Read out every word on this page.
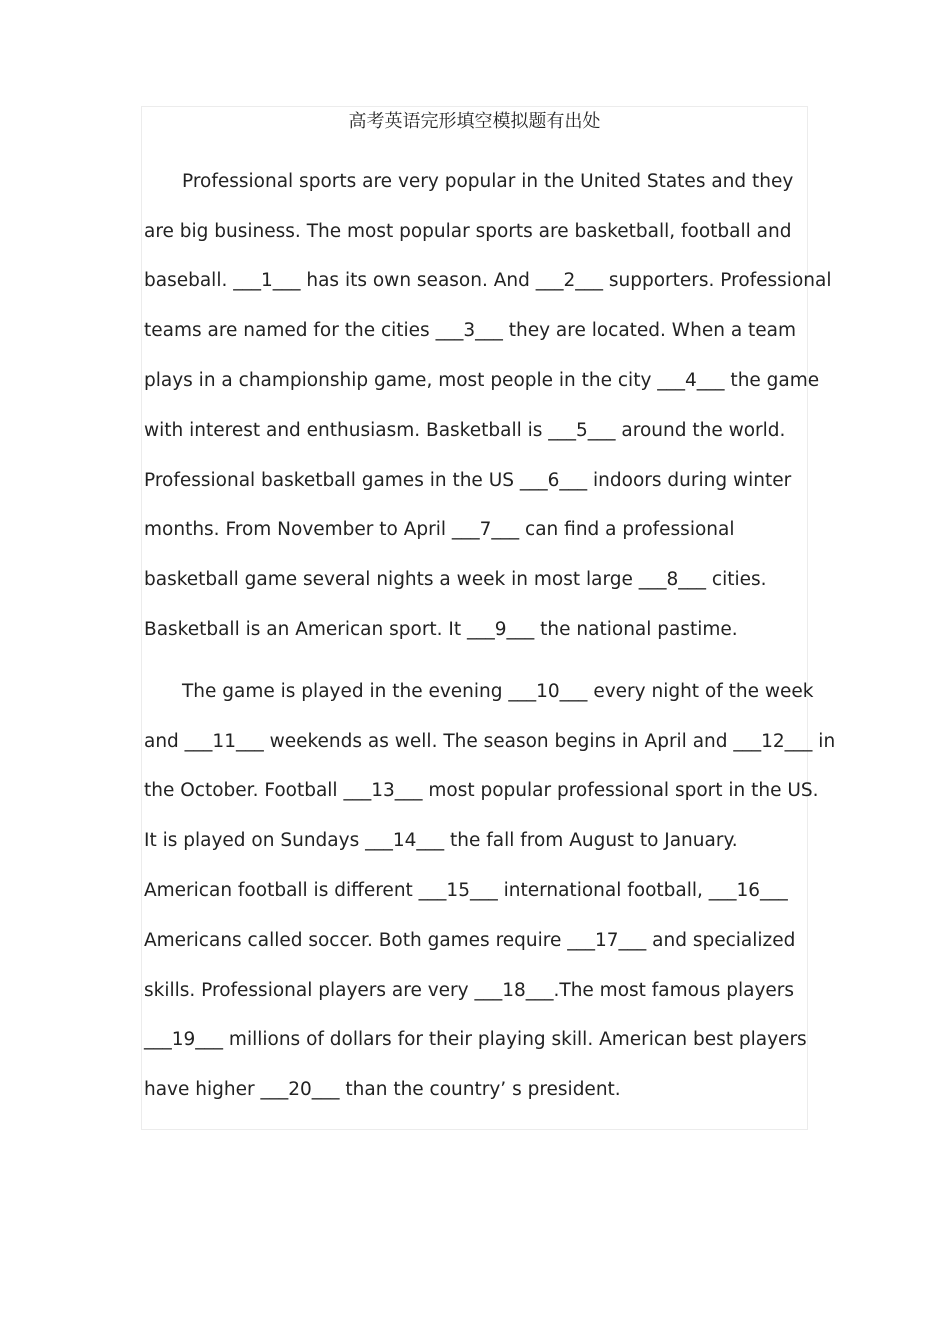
高考英语完形填空模拟题有出处
Professional sports are very popular in the United States and they
are big business. The most popular sports are basketball, football and
baseball. ___1___ has its own season. And ___2___ supporters. Professional
teams are named for the cities ___3___ they are located. When a team
plays in a championship game, most people in the city ___4___ the game
with interest and enthusiasm. Basketball is ___5___ around the world.
Professional basketball games in the US ___6___ indoors during winter
months. From November to April ___7___ can find a professional
basketball game several nights a week in most large ___8___ cities.
Basketball is an American sport. It ___9___ the national pastime.
The game is played in the evening ___10___ every night of the week
and ___11___ weekends as well. The season begins in April and ___12___ in
the October. Football ___13___ most popular professional sport in the US.
It is played on Sundays ___14___ the fall from August to January.
American football is different ___15___ international football, ___16___
Americans called soccer. Both games require ___17___ and specialized
skills. Professional players are very ___18___.The most famous players
___19___ millions of dollars for their playing skill. American best players
have higher ___20___ than the country’ s president.
